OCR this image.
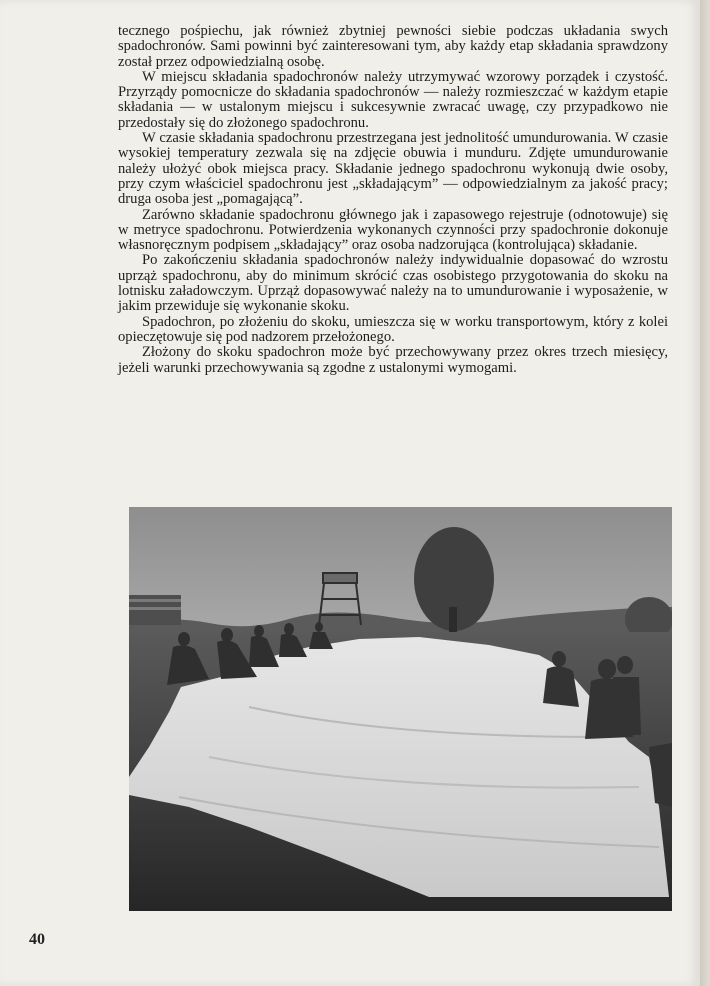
tecznego pośpiechu, jak również zbytniej pewności siebie podczas układania swych spadochronów. Sami powinni być zainteresowani tym, aby każdy etap składania sprawdzony został przez odpowiedzialną osobę.

W miejscu składania spadochronów należy utrzymywać wzorowy porządek i czystość. Przyrządy pomocnicze do składania spadochronów — należy rozmieszczać w każdym etapie składania — w ustalonym miejscu i sukcesywnie zwracać uwagę, czy przypadkowo nie przedostały się do złożonego spadochronu.

W czasie składania spadochronu przestrzegana jest jednolitość umundurowania. W czasie wysokiej temperatury zezwala się na zdjęcie obuwia i munduru. Zdjęte umundurowanie należy ułożyć obok miejsca pracy. Składanie jednego spadochronu wykonują dwie osoby, przy czym właściciel spadochronu jest „składającym” — odpowiedzialnym za jakość pracy; druga osoba jest „pomagającą”.

Zarówno składanie spadochronu głównego jak i zapasowego rejestruje (odnotowuje) się w metryce spadochronu. Potwierdzenia wykonanych czynności przy spadochronie dokonuje własnoręcznym podpisem „składający” oraz osoba nadzorująca (kontrolująca) składanie.

Po zakończeniu składania spadochronów należy indywidualnie dopasować do wzrostu uprząż spadochronu, aby do minimum skrócić czas osobistego przygotowania do skoku na lotnisku załadowczym. Uprząż dopasowywać należy na to umundurowanie i wyposażenie, w jakim przewiduje się wykonanie skoku.

Spadochron, po złożeniu do skoku, umieszcza się w worku transportowym, który z kolei opieczętowuje się pod nadzorem przełożonego.

Złożony do skoku spadochron może być przechowywany przez okres trzech miesięcy, jeżeli warunki przechowywania są zgodne z ustalonymi wymogami.

40
